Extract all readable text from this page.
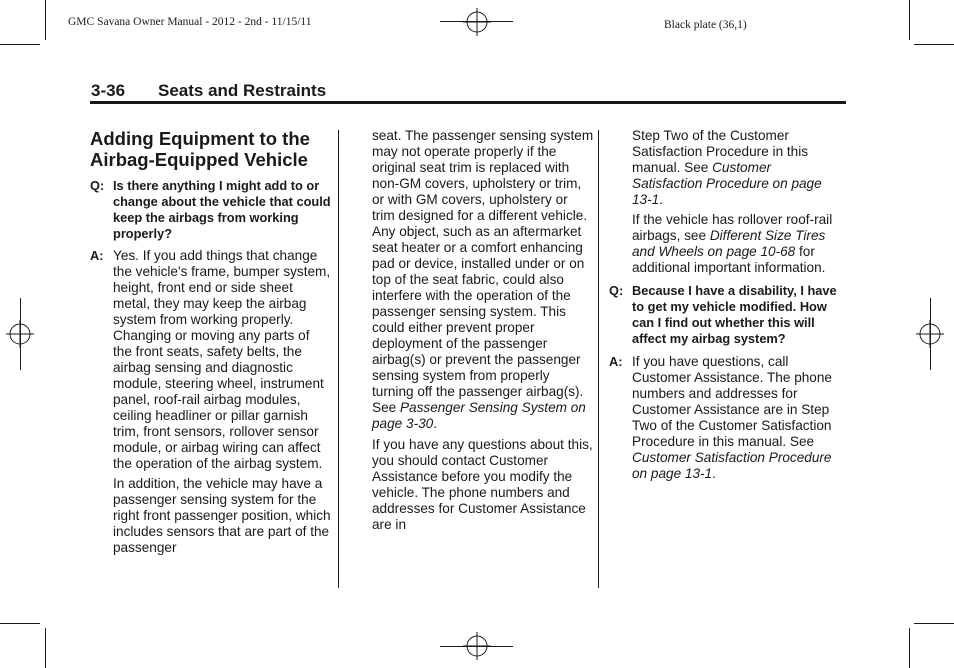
GMC Savana Owner Manual - 2012 - 2nd - 11/15/11	Black plate (36,1)
3-36 Seats and Restraints
Adding Equipment to the
Airbag-Equipped Vehicle
Q: Is there anything I might add to or change about the vehicle that could keep the airbags from working properly?
A: Yes. If you add things that change the vehicle's frame, bumper system, height, front end or side sheet metal, they may keep the airbag system from working properly. Changing or moving any parts of the front seats, safety belts, the airbag sensing and diagnostic module, steering wheel, instrument panel, roof-rail airbag modules, ceiling headliner or pillar garnish trim, front sensors, rollover sensor module, or airbag wiring can affect the operation of the airbag system.
In addition, the vehicle may have a passenger sensing system for the right front passenger position, which includes sensors that are part of the passenger
seat. The passenger sensing system may not operate properly if the original seat trim is replaced with non-GM covers, upholstery or trim, or with GM covers, upholstery or trim designed for a different vehicle. Any object, such as an aftermarket seat heater or a comfort enhancing pad or device, installed under or on top of the seat fabric, could also interfere with the operation of the passenger sensing system. This could either prevent proper deployment of the passenger airbag(s) or prevent the passenger sensing system from properly turning off the passenger airbag(s). See Passenger Sensing System on page 3-30.
If you have any questions about this, you should contact Customer Assistance before you modify the vehicle. The phone numbers and addresses for Customer Assistance are in
Step Two of the Customer Satisfaction Procedure in this manual. See Customer Satisfaction Procedure on page 13-1.
If the vehicle has rollover roof-rail airbags, see Different Size Tires and Wheels on page 10-68 for additional important information.
Q: Because I have a disability, I have to get my vehicle modified. How can I find out whether this will affect my airbag system?
A: If you have questions, call Customer Assistance. The phone numbers and addresses for Customer Assistance are in Step Two of the Customer Satisfaction Procedure in this manual. See Customer Satisfaction Procedure on page 13-1.
